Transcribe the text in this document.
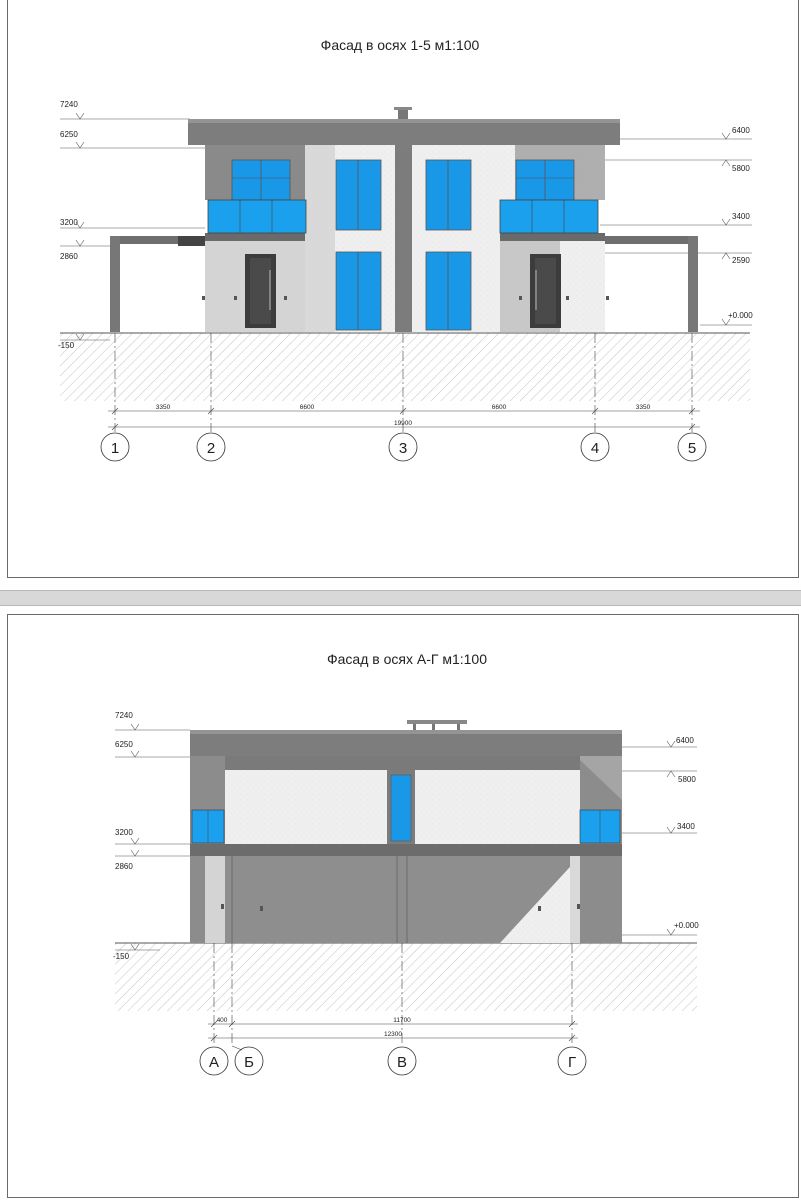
Фасад в осях 1-5 м1:100
7240
6250
3200
2860
-150
6400
5800
3400
2590
+0.000
3350	6600	6600	3350
19900
1	2	3	4	5
Фасад в осях А-Г м1:100
7240
6250
3200
2860
-150
6400
5800
3400
+0.000
400	11700
12300
А Б	В	Г
